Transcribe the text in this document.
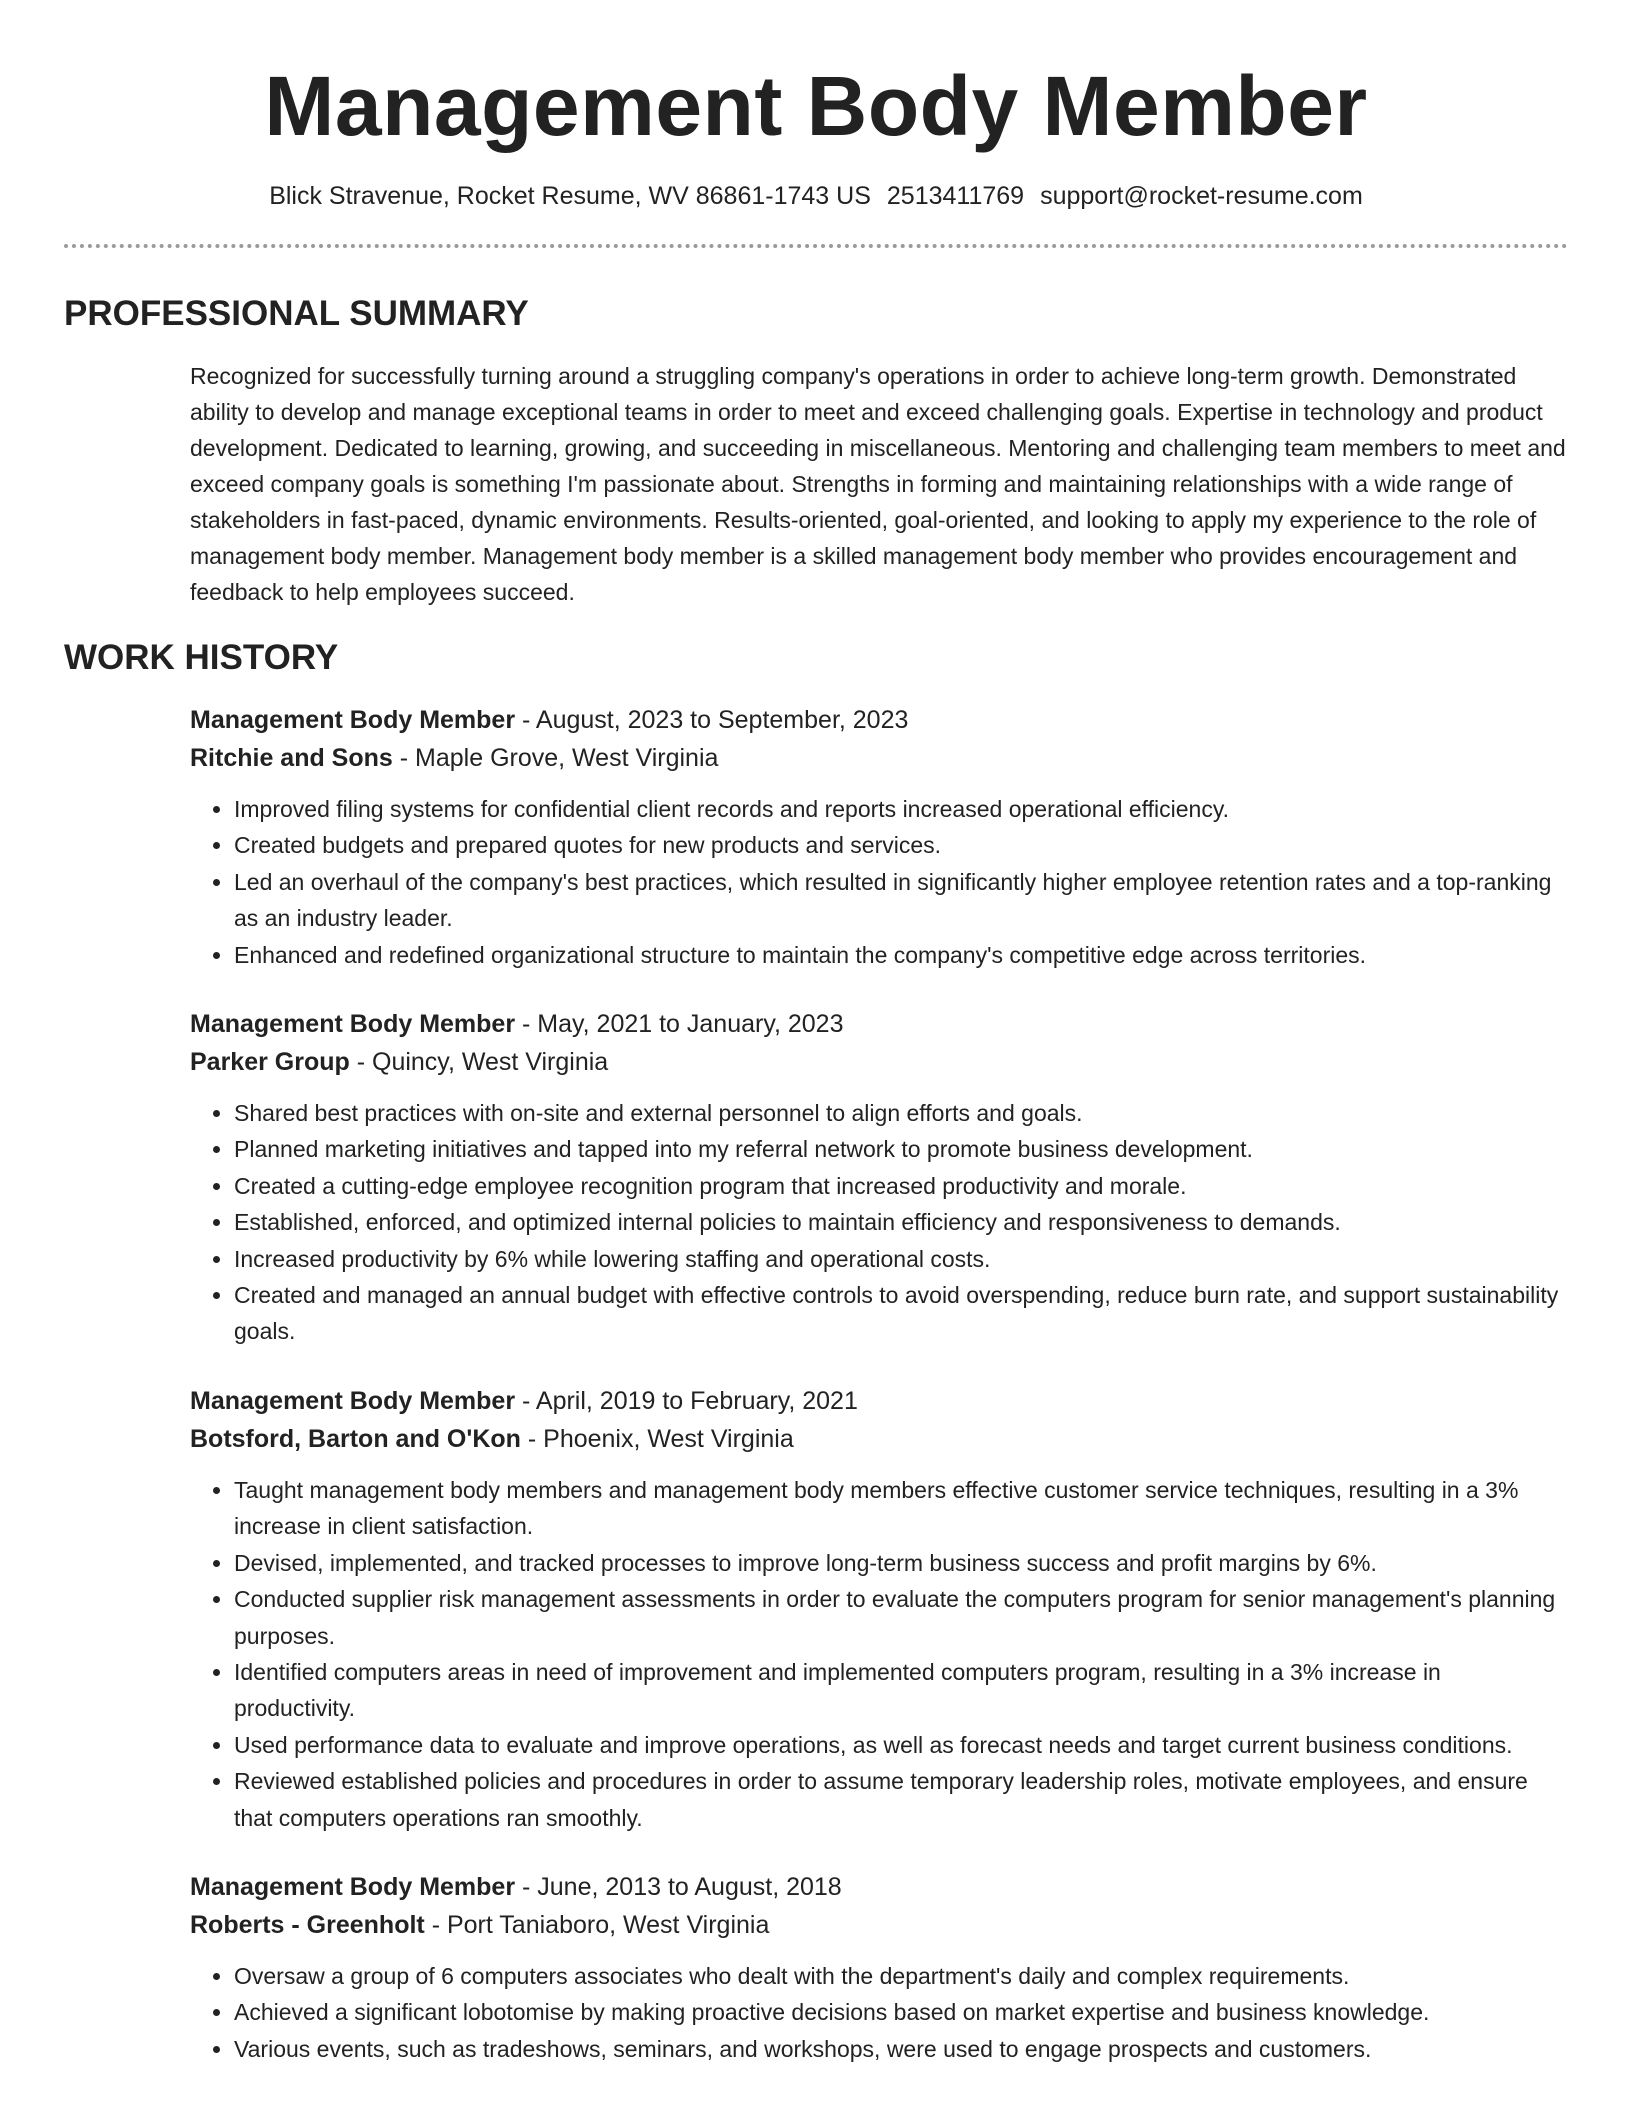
Management Body Member
Blick Stravenue, Rocket Resume, WV 86861-1743 US 2513411769 support@rocket-resume.com
PROFESSIONAL SUMMARY

Recognized for successfully turning around a struggling company's operations in order to achieve long-term growth. Demonstrated ability to develop and manage exceptional teams in order to meet and exceed challenging goals. Expertise in technology and product development. Dedicated to learning, growing, and succeeding in miscellaneous. Mentoring and challenging team members to meet and exceed company goals is something I'm passionate about. Strengths in forming and maintaining relationships with a wide range of stakeholders in fast-paced, dynamic environments. Results-oriented, goal-oriented, and looking to apply my experience to the role of management body member. Management body member is a skilled management body member who provides encouragement and feedback to help employees succeed.

WORK HISTORY
Management Body Member - August, 2023 to September, 2023
Ritchie and Sons - Maple Grove, West Virginia
• Improved filing systems for confidential client records and reports increased operational efficiency.
• Created budgets and prepared quotes for new products and services.
• Led an overhaul of the company's best practices, which resulted in significantly higher employee retention rates and a top-ranking as an industry leader.
• Enhanced and redefined organizational structure to maintain the company's competitive edge across territories.
Management Body Member - May, 2021 to January, 2023
Parker Group - Quincy, West Virginia
• Shared best practices with on-site and external personnel to align efforts and goals.
• Planned marketing initiatives and tapped into my referral network to promote business development.
• Created a cutting-edge employee recognition program that increased productivity and morale.
• Established, enforced, and optimized internal policies to maintain efficiency and responsiveness to demands.
• Increased productivity by 6% while lowering staffing and operational costs.
• Created and managed an annual budget with effective controls to avoid overspending, reduce burn rate, and support sustainability goals.
Management Body Member - April, 2019 to February, 2021
Botsford, Barton and O'Kon - Phoenix, West Virginia
• Taught management body members and management body members effective customer service techniques, resulting in a 3% increase in client satisfaction.
• Devised, implemented, and tracked processes to improve long-term business success and profit margins by 6%.
• Conducted supplier risk management assessments in order to evaluate the computers program for senior management's planning purposes.
• Identified computers areas in need of improvement and implemented computers program, resulting in a 3% increase in productivity.
• Used performance data to evaluate and improve operations, as well as forecast needs and target current business conditions.
• Reviewed established policies and procedures in order to assume temporary leadership roles, motivate employees, and ensure that computers operations ran smoothly.
Management Body Member - June, 2013 to August, 2018
Roberts - Greenholt - Port Taniaboro, West Virginia
• Oversaw a group of 6 computers associates who dealt with the department's daily and complex requirements.
• Achieved a significant lobotomise by making proactive decisions based on market expertise and business knowledge.
• Various events, such as tradeshows, seminars, and workshops, were used to engage prospects and customers.
